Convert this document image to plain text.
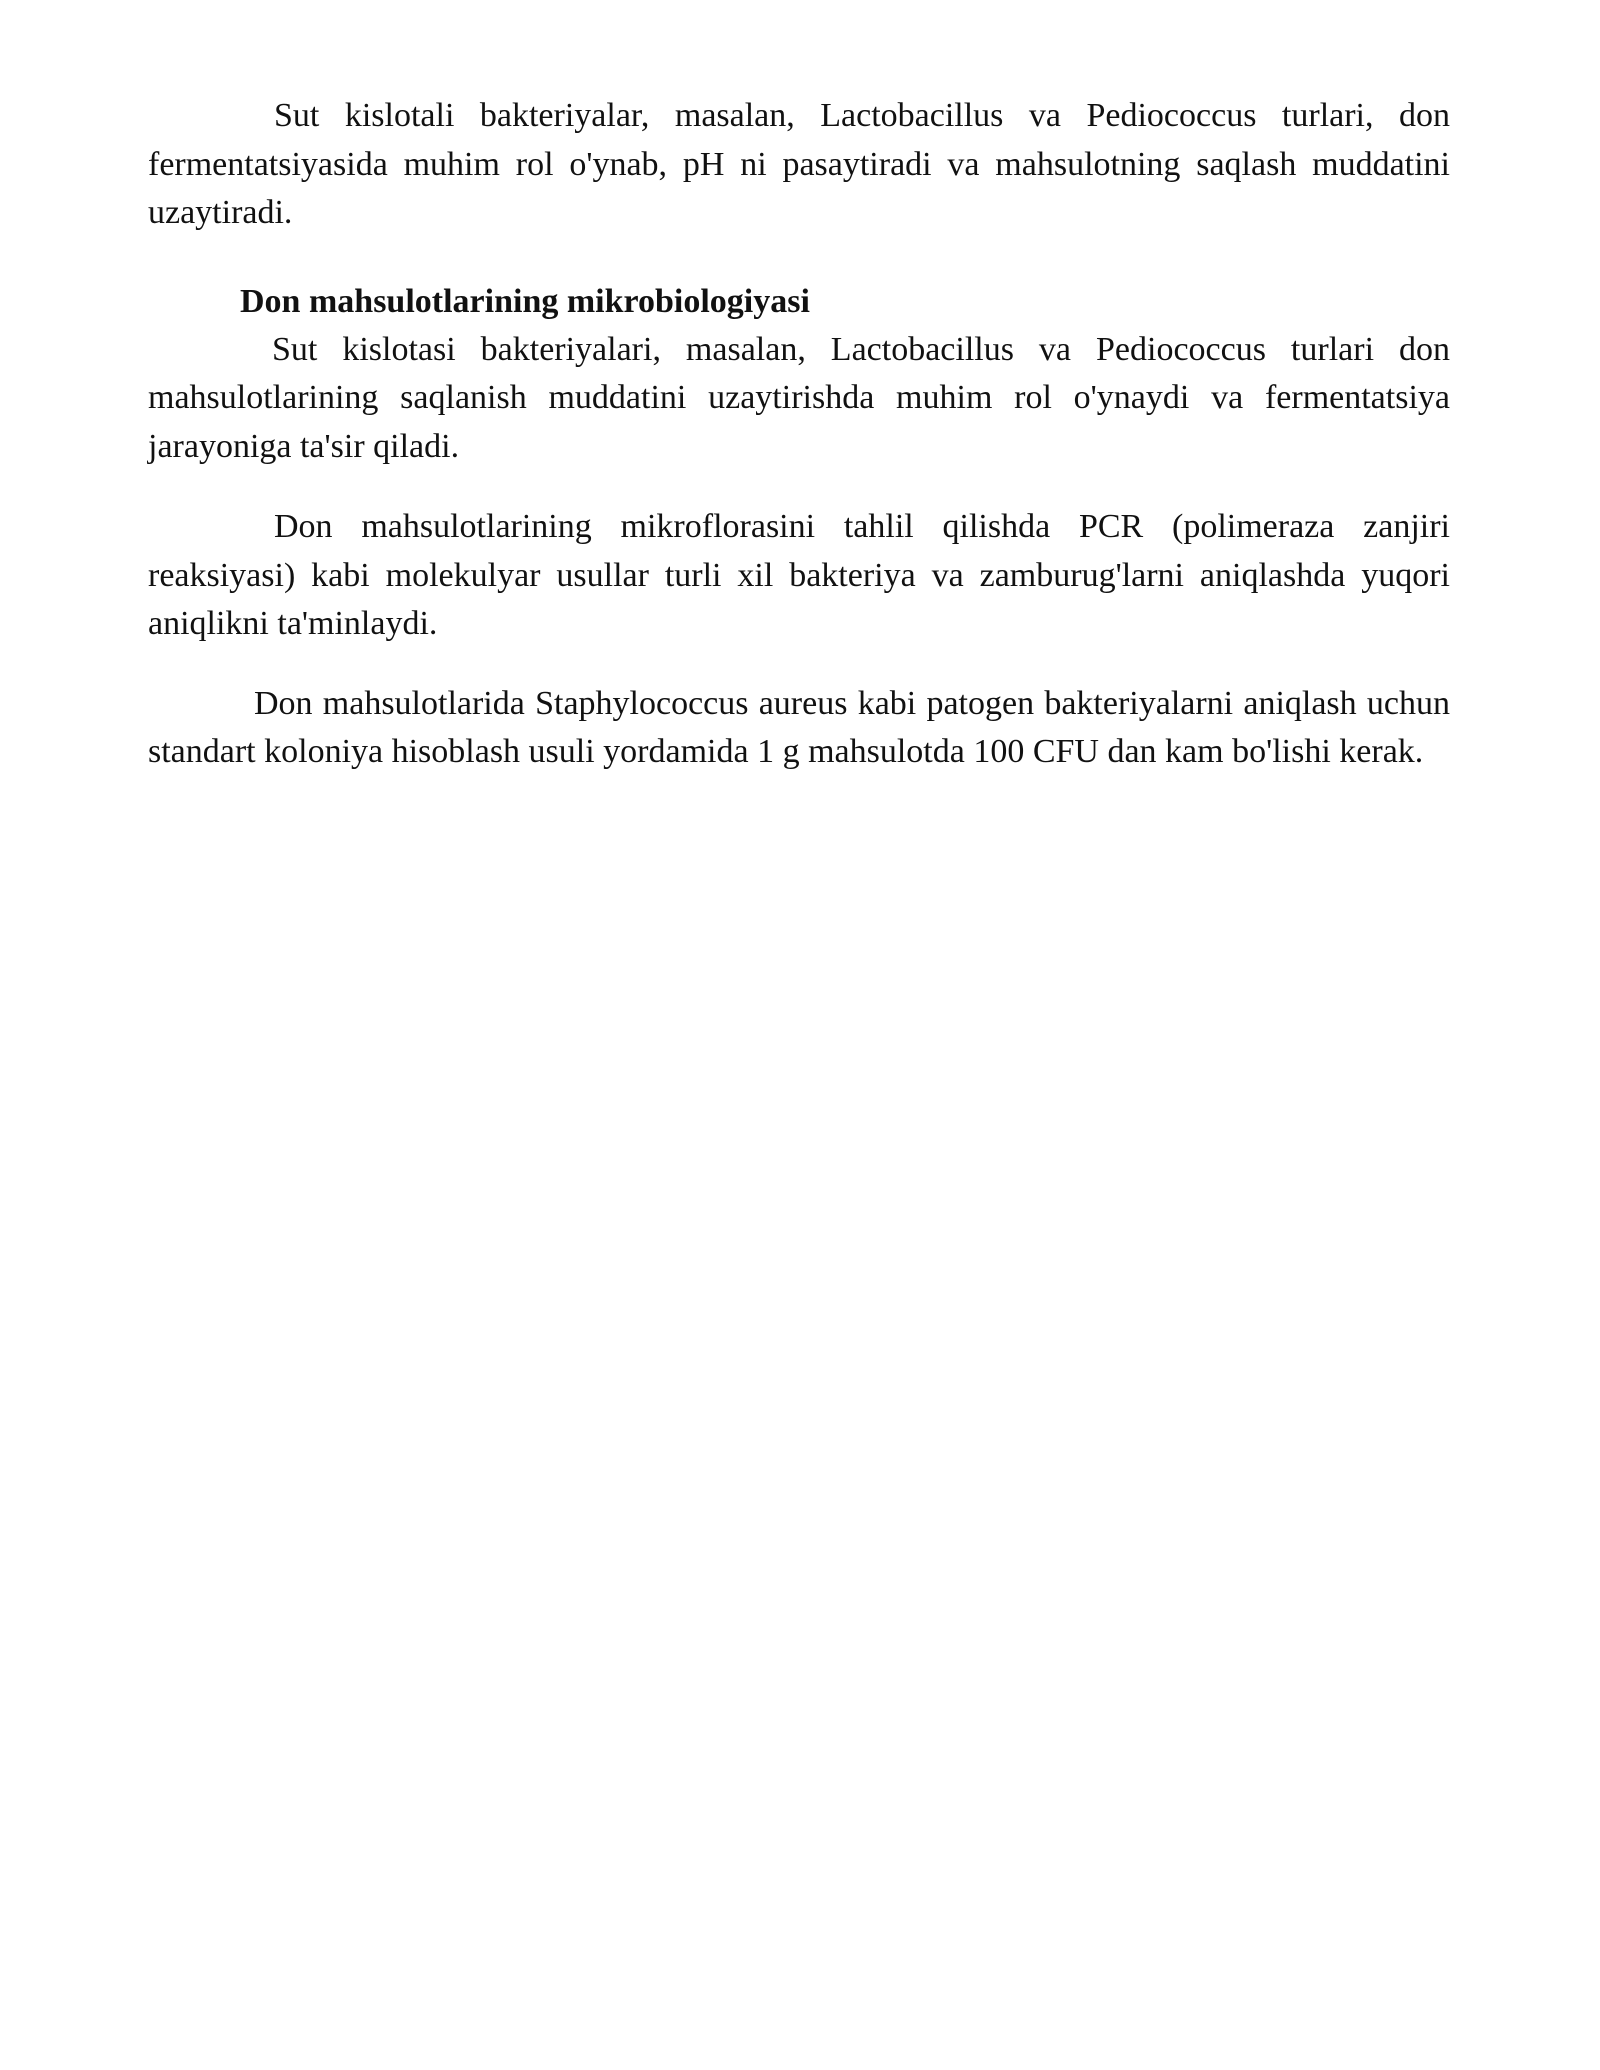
Sut kislotali bakteriyalar, masalan, Lactobacillus va Pediococcus turlari, don fermentatsiyasida muhim rol o'ynab, pH ni pasaytiradi va mahsulotning saqlash muddatini uzaytiradi.

Don mahsulotlarining mikrobiologiyasi

Sut kislotasi bakteriyalari, masalan, Lactobacillus va Pediococcus turlari don mahsulotlarining saqlanish muddatini uzaytirishda muhim rol o'ynaydi va fermentatsiya jarayoniga ta'sir qiladi.

Don mahsulotlarining mikroflorasini tahlil qilishda PCR (polimeraza zanjiri reaksiyasi) kabi molekulyar usullar turli xil bakteriya va zamburug'larni aniqlashda yuqori aniqlikni ta'minlaydi.

Don mahsulotlarida Staphylococcus aureus kabi patogen bakteriyalarni aniqlash uchun standart koloniya hisoblash usuli yordamida 1 g mahsulotda 100 CFU dan kam bo'lishi kerak.
